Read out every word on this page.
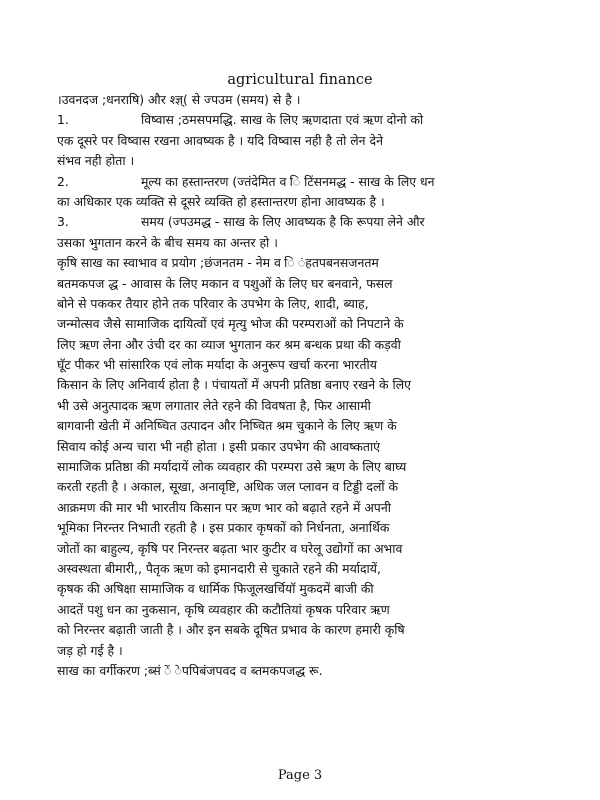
agricultural finance
।उवनदज ;धनराषि) और श्ज्ञ्( से ज्पउम (समय) से है ।
1.	विष्वास ;ठमसपमद्धि. साख के लिए ऋणदाता एवं ऋण दोनो को
एक दूसरे पर विष्वास रखना आवष्यक है । यदि विष्वास नही है तो लेन देने
संभव नही होता ।
2.	मूल्य का हस्तान्तरण (ज्तंदेमित व ि टिंसनमद्ध - साख के लिए धन
का अधिकार एक व्यक्ति से दूसरे व्यक्ति हो हस्तान्तरण होना आवष्यक है ।
3.	समय (ज्पउमद्ध - साख के लिए आवष्यक है कि रूपया लेने और
उसका भुगतान करने के बीच समय का अन्तर हो ।
कृषि साख का स्वाभाव व प्रयोग ;छंजनतम - नेम व ि ंहतपबनसजनतम
बतमकपज द्ध - आवास के लिए मकान व पशुओं के लिए घर बनवाने, फसल
बोने से पककर तैयार होने तक परिवार के उपभेग के लिए, शादी, ब्याह,
जन्मोत्सव जैसे सामाजिक दायित्वों एवं मृत्यु भोज की परम्पराओं को निपटाने के
लिए ऋण लेना और उंची दर का व्याज भुगतान कर श्रम बन्धक प्रथा की कड़वी
घूॅट पीकर भी सांसारिक एवं लोक मर्यादा के अनुरूप खर्चा करना भारतीय
किसान के लिए अनिवार्य होता है । पंचायतों में अपनी प्रतिष्ठा बनाए रखने के लिए
भी उसे अनुत्पादक ऋण लगातार लेते रहने की विवषता है, फिर आसामी
बागवानी खेती में अनिष्चित उत्पादन और निष्चित श्रम चुकाने के लिए ऋण के
सिवाय कोई अन्य चारा भी नही होता । इसी प्रकार उपभेग की आवष्कताएं
सामाजिक प्रतिष्ठा की मर्यादायें लोक व्यवहार की परम्परा उसे ऋण के लिए बाघ्य
करती रहती है । अकाल, सूखा, अनावृष्टि, अधिक जल प्लावन व टिड्डी दलों के
आक्रमण की मार भी भारतीय किसान पर ऋण भार को बढ़ाते रहने में अपनी
भूमिका निरन्तर निभाती रहती है । इस प्रकार कृषकों को निर्धनता, अनार्थिक
जोतों का बाहुल्य, कृषि पर निरन्तर बढ़ता भार कुटीर व घरेलू उद्योगों का अभाव
अस्वस्थता बीमारी,, पैतृक ऋण को इमानदारी से चुकाते रहने की मर्यादायें,
कृषक की अषिक्षा सामाजिक व धार्मिक फिजूलखर्चियॉ मुकदमें बाजी की
आदतें पशु धन का नुकसान, कृषि व्यवहार की कटौतियां कृषक परिवार ऋण
को निरन्तर बढ़ाती जाती है । और इन सबके दूषित प्रभाव के कारण हमारी कृषि
जड़ हो गई है ।
साख का वर्गीकरण ;ब्सं ें ेपपिबंजपवद व ब्तमकपजद्ध रू.
Page 3
